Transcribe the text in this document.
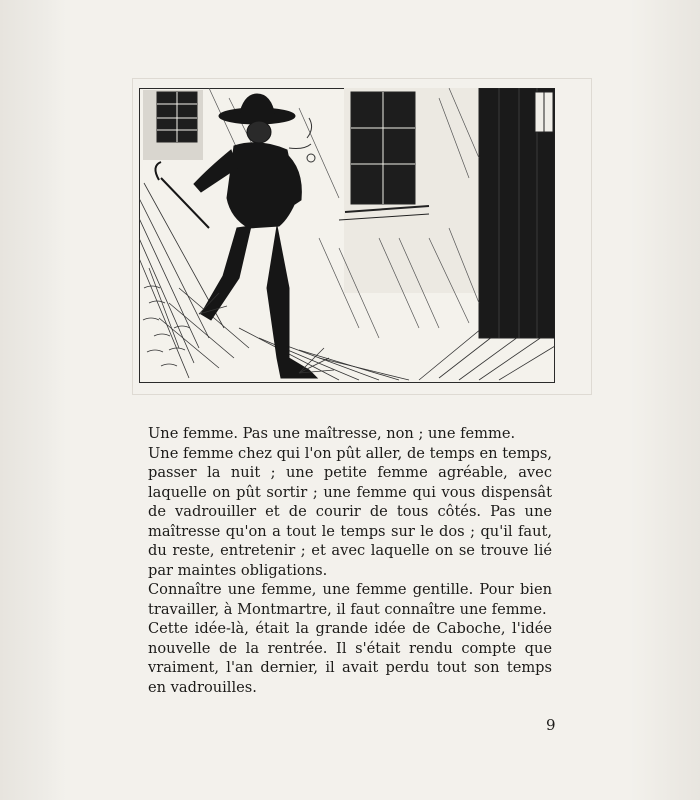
Une femme. Pas une maîtresse, non ; une femme.

Une femme chez qui l'on pût aller, de temps en temps, passer la nuit ; une petite femme agréable, avec laquelle on pût sortir ; une femme qui vous dispensât de vadrouiller et de courir de tous côtés. Pas une maîtresse qu'on a tout le temps sur le dos ; qu'il faut, du reste, entretenir ; et avec laquelle on se trouve lié par maintes obligations.

Connaître une femme, une femme gentille. Pour bien travailler, à Montmartre, il faut connaître une femme.

Cette idée-là, était la grande idée de Caboche, l'idée nouvelle de la rentrée. Il s'était rendu compte que vraiment, l'an dernier, il avait perdu tout son temps en vadrouilles.

9
